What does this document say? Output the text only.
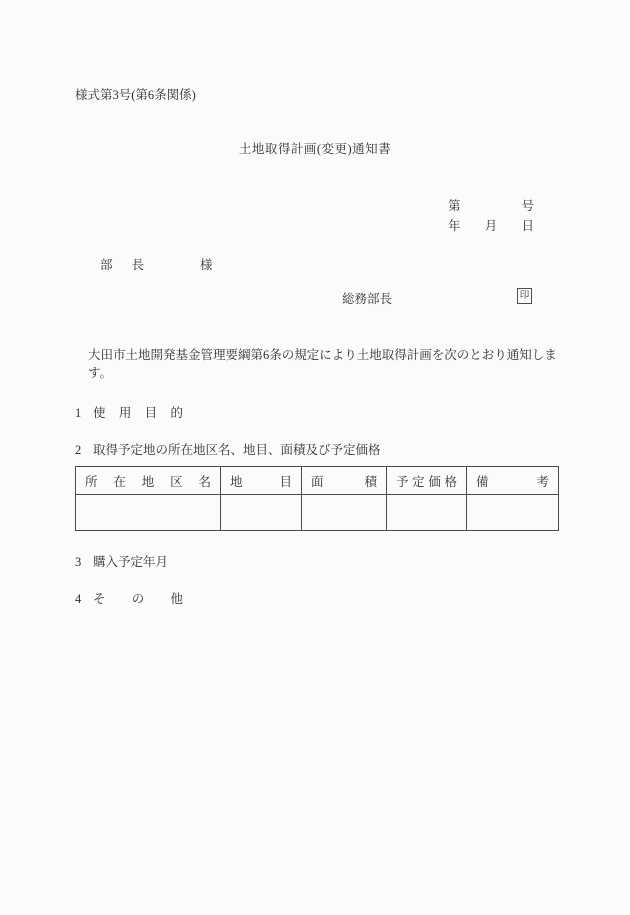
様式第3号(第6条関係)
土地取得計画(変更)通知書
第	号
年 月 日
部 長	様
総務部長	印
大田市土地開発基金管理要綱第6条の規定により土地取得計画を次のとおり通知します。
1 使 用 目 的
2 取得予定地の所在地区名、地目、面積及び予定価格
所 在 地 区 名	地 目	面 積	予 定 価 格	備 考

3 購入予定年月
4 そ の 他
